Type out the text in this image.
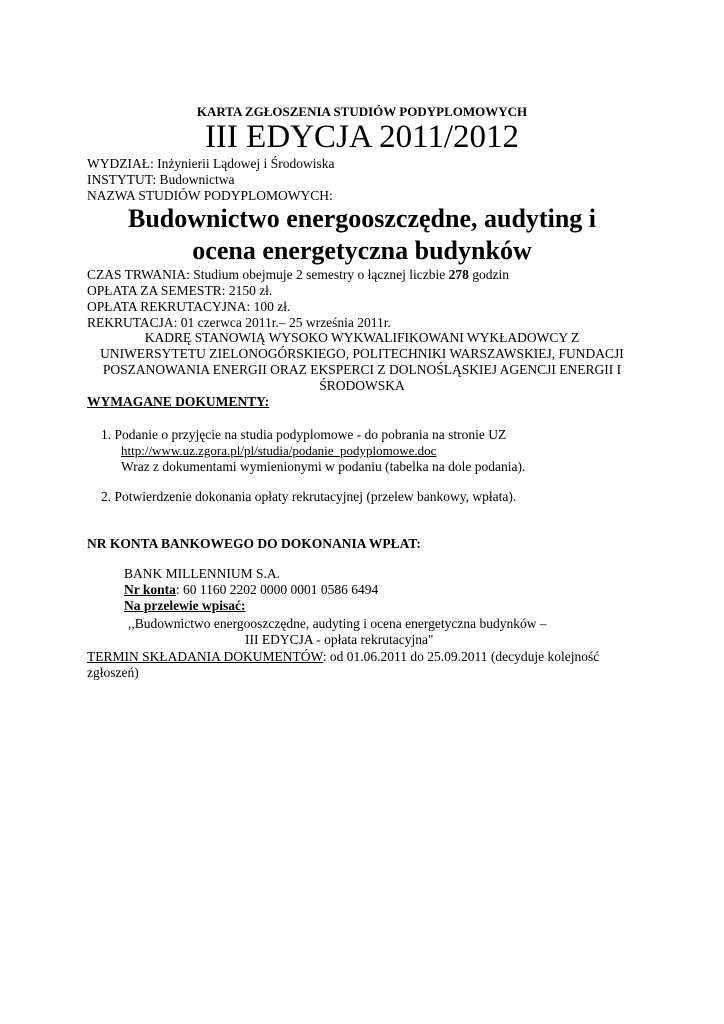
KARTA ZGŁOSZENIA STUDIÓW PODYPLOMOWYCH
III EDYCJA 2011/2012
WYDZIAŁ: Inżynierii Lądowej i Środowiska
INSTYTUT: Budownictwa
NAZWA STUDIÓW PODYPLOMOWYCH:
Budownictwo energooszczędne, audyting i
ocena energetyczna budynków
CZAS TRWANIA: Studium obejmuje 2 semestry o łącznej liczbie 278 godzin
OPŁATA ZA SEMESTR: 2150 zł.
OPŁATA REKRUTACYJNA: 100 zł.
REKRUTACJA: 01 czerwca 2011r.– 25 września 2011r.
KADRĘ STANOWIĄ WYSOKO WYKWALIFIKOWANI WYKŁADOWCY Z
UNIWERSYTETU ZIELONOGÓRSKIEGO, POLITECHNIKI WARSZAWSKIEJ, FUNDACJI
POSZANOWANIA ENERGII ORAZ EKSPERCI Z DOLNOŚLĄSKIEJ AGENCJI ENERGII I
ŚRODOWSKA
WYMAGANE DOKUMENTY:
1. Podanie o przyjęcie na studia podyplomowe - do pobrania na stronie UZ
http://www.uz.zgora.pl/pl/studia/podanie_podyplomowe.doc
Wraz z dokumentami wymienionymi w podaniu (tabelka na dole podania).
2. Potwierdzenie dokonania opłaty rekrutacyjnej (przelew bankowy, wpłata).
NR KONTA BANKOWEGO DO DOKONANIA WPŁAT:
BANK MILLENNIUM S.A.
Nr konta: 60 1160 2202 0000 0001 0586 6494
Na przelewie wpisać:
,,Budownictwo energooszczędne, audyting i ocena energetyczna budynków –
III EDYCJA - opłata rekrutacyjna"
TERMIN SKŁADANIA DOKUMENTÓW: od 01.06.2011 do 25.09.2011 (decyduje kolejność
zgłoszeń)
